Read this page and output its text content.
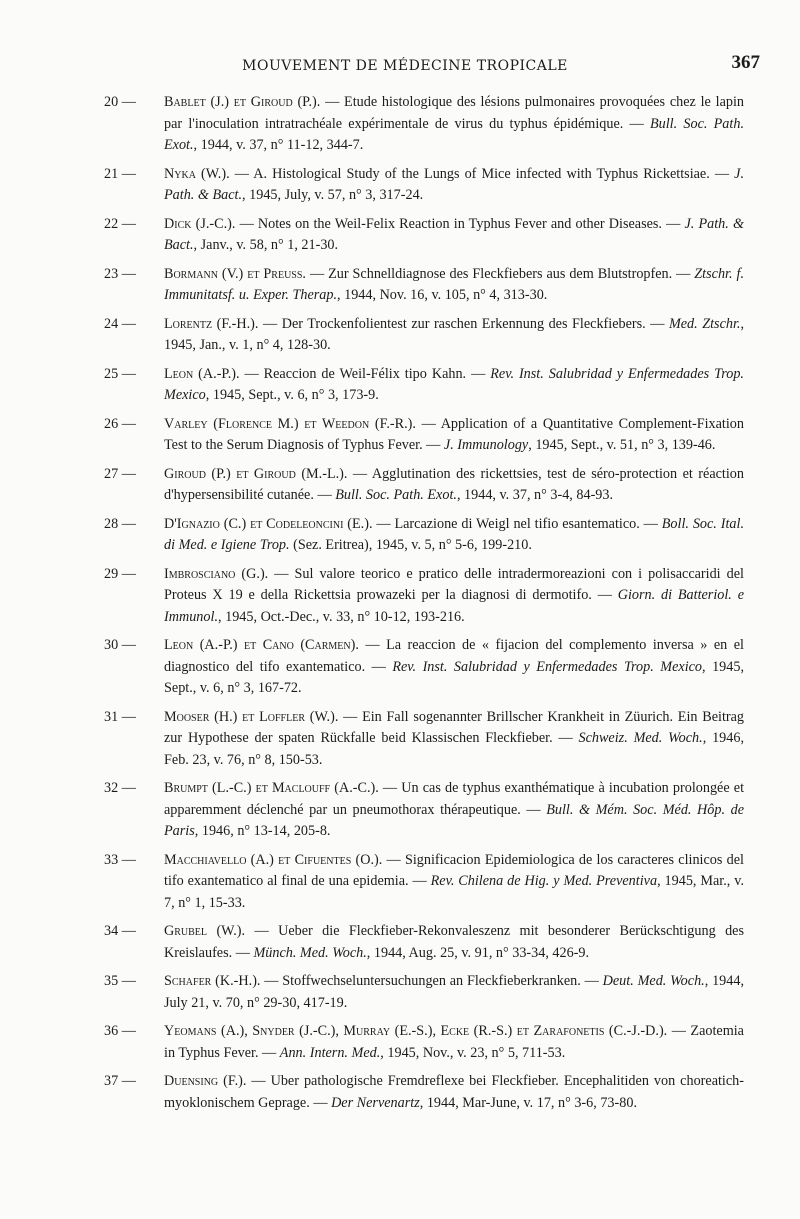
MOUVEMENT DE MÉDECINE TROPICALE	367
20 —	Bablet (J.) et Giroud (P.). — Etude histologique des lésions pulmonaires provoquées chez le lapin par l'inoculation intratrachéale expérimentale de virus du typhus épidémique. — Bull. Soc. Path. Exot., 1944, v. 37, n° 11-12, 344-7.
21 —	Nyka (W.). — A. Histological Study of the Lungs of Mice infected with Typhus Rickettsiae. — J. Path. & Bact., 1945, July, v. 57, n° 3, 317-24.
22 —	Dick (J.-C.). — Notes on the Weil-Felix Reaction in Typhus Fever and other Diseases. — J. Path. & Bact., Janv., v. 58, n° 1, 21-30.
23 —	Bormann (V.) et Preuss. — Zur Schnelldiagnose des Fleckfiebers aus dem Blutstropfen. — Ztschr. f. Immunitatsf. u. Exper. Therap., 1944, Nov. 16, v. 105, n° 4, 313-30.
24 —	Lorentz (F.-H.). — Der Trockenfolientest zur raschen Erkennung des Fleckfiebers. — Med. Ztschr., 1945, Jan., v. 1, n° 4, 128-30.
25 —	Leon (A.-P.). — Reaccion de Weil-Félix tipo Kahn. — Rev. Inst. Salubridad y Enfermedades Trop. Mexico, 1945, Sept., v. 6, n° 3, 173-9.
26 —	Varley (Florence M.) et Weedon (F.-R.). — Application of a Quantitative Complement-Fixation Test to the Serum Diagnosis of Typhus Fever. — J. Immunology, 1945, Sept., v. 51, n° 3, 139-46.
27 —	Giroud (P.) et Giroud (M.-L.). — Agglutination des rickettsies, test de séro-protection et réaction d'hypersensibilité cutanée. — Bull. Soc. Path. Exot., 1944, v. 37, n° 3-4, 84-93.
28 —	D'Ignazio (C.) et Codeleoncini (E.). — Larcazione di Weigl nel tifio esantematico. — Boll. Soc. Ital. di Med. e Igiene Trop. (Sez. Eritrea), 1945, v. 5, n° 5-6, 199-210.
29 —	Imbrosciano (G.). — Sul valore teorico e pratico delle intradermoreazioni con i polisaccaridi del Proteus X 19 e della Rickettsia prowazeki per la diagnosi di dermotifo. — Giorn. di Batteriol. e Immunol., 1945, Oct.-Dec., v. 33, n° 10-12, 193-216.
30 —	Leon (A.-P.) et Cano (Carmen). — La reaccion de « fijacion del complemento inversa » en el diagnostico del tifo exantematico. — Rev. Inst. Salubridad y Enfermedades Trop. Mexico, 1945, Sept., v. 6, n° 3, 167-72.
31 —	Mooser (H.) et Loffler (W.). — Ein Fall sogenannter Brillscher Krankheit in Züurich. Ein Beitrag zur Hypothese der spaten Rückfalle beid Klassischen Fleckfieber. — Schweiz. Med. Woch., 1946, Feb. 23, v. 76, n° 8, 150-53.
32 —	Brumpt (L.-C.) et Maclouff (A.-C.). — Un cas de typhus exanthématique à incubation prolongée et apparemment déclenché par un pneumothorax thérapeutique. — Bull. & Mém. Soc. Méd. Hôp. de Paris, 1946, n° 13-14, 205-8.
33 —	Macchiavello (A.) et Cifuentes (O.). — Significacion Epidemiologica de los caracteres clinicos del tifo exantematico al final de una epidemia. — Rev. Chilena de Hig. y Med. Preventiva, 1945, Mar., v. 7, n° 1, 15-33.
34 —	Grubel (W.). — Ueber die Fleckfieber-Rekonvaleszenz mit besonderer Berückschtigung des Kreislaufes. — Münch. Med. Woch., 1944, Aug. 25, v. 91, n° 33-34, 426-9.
35 —	Schafer (K.-H.). — Stoffwechseluntersuchungen an Fleckfieberkranken. — Deut. Med. Woch., 1944, July 21, v. 70, n° 29-30, 417-19.
36 —	Yeomans (A.), Snyder (J.-C.), Murray (E.-S.), Ecke (R.-S.) et Zarafonetis (C.-J.-D.). — Zaotemia in Typhus Fever. — Ann. Intern. Med., 1945, Nov., v. 23, n° 5, 711-53.
37 —	Duensing (F.). — Uber pathologische Fremdreflexe bei Fleckfieber. Encephalitiden von choreatich-myoklonischem Geprage. — Der Nervenartz, 1944, Mar-June, v. 17, n° 3-6, 73-80.
